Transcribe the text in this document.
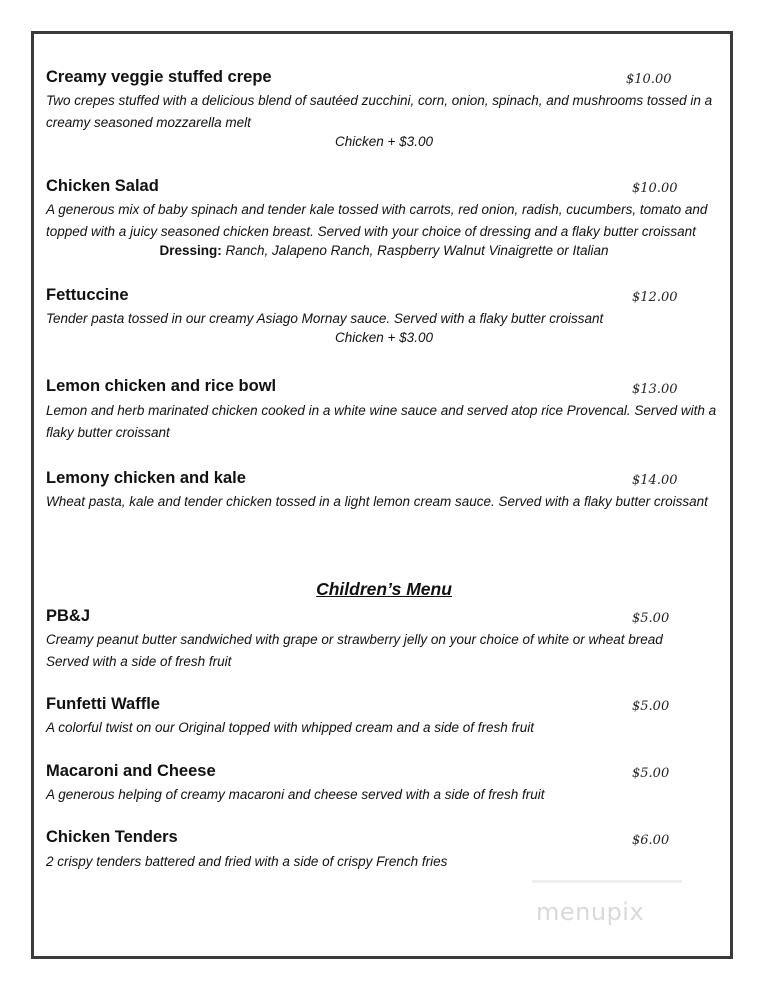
Creamy veggie stuffed crepe	$10.00
Two crepes stuffed with a delicious blend of sautéed zucchini, corn, onion, spinach, and mushrooms tossed in a
creamy seasoned mozzarella melt
Chicken + $3.00
Chicken Salad	$10.00
A generous mix of baby spinach and tender kale tossed with carrots, red onion, radish, cucumbers, tomato and
topped with a juicy seasoned chicken breast. Served with your choice of dressing and a flaky butter croissant
Dressing: Ranch, Jalapeno Ranch, Raspberry Walnut Vinaigrette or Italian
Fettuccine	$12.00
Tender pasta tossed in our creamy Asiago Mornay sauce. Served with a flaky butter croissant
Chicken + $3.00
Lemon chicken and rice bowl	$13.00
Lemon and herb marinated chicken cooked in a white wine sauce and served atop rice Provencal. Served with a
flaky butter croissant
Lemony chicken and kale	$14.00
Wheat pasta, kale and tender chicken tossed in a light lemon cream sauce. Served with a flaky butter croissant
Children’s Menu
PB&J	$5.00
Creamy peanut butter sandwiched with grape or strawberry jelly on your choice of white or wheat bread
Served with a side of fresh fruit
Funfetti Waffle	$5.00
A colorful twist on our Original topped with whipped cream and a side of fresh fruit
Macaroni and Cheese	$5.00
A generous helping of creamy macaroni and cheese served with a side of fresh fruit
Chicken Tenders	$6.00
2 crispy tenders battered and fried with a side of crispy French fries
menupix
